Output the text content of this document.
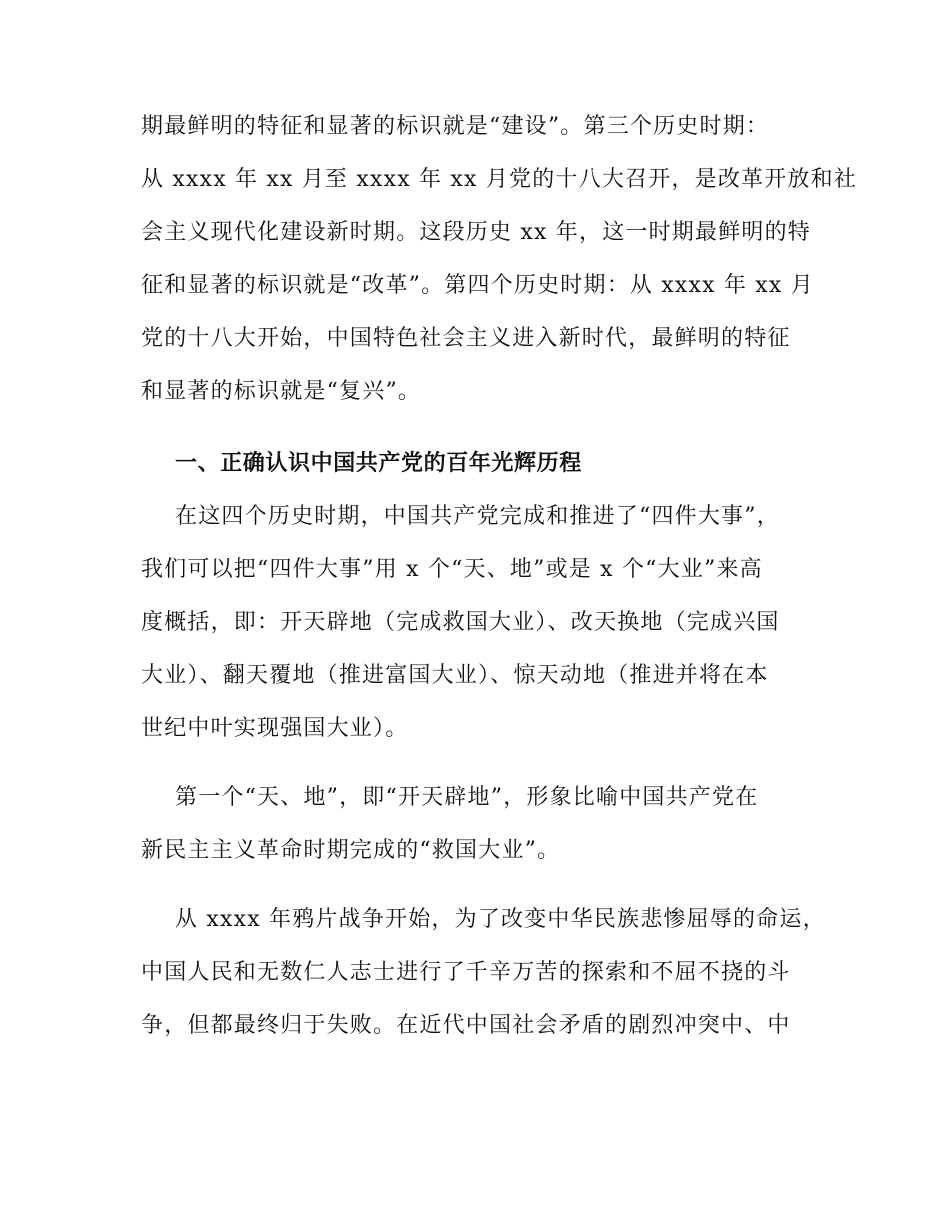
期最鲜明的特征和显著的标识就是“建设”。第三个历史时期：
从 xxxx 年 xx 月至 xxxx 年 xx 月党的十八大召开，是改革开放和社
会主义现代化建设新时期。这段历史 xx 年，这一时期最鲜明的特
征和显著的标识就是“改革”。第四个历史时期：从 xxxx 年 xx 月
党的十八大开始，中国特色社会主义进入新时代，最鲜明的特征
和显著的标识就是“复兴”。
一、正确认识中国共产党的百年光辉历程
在这四个历史时期，中国共产党完成和推进了“四件大事”，
我们可以把“四件大事”用 x 个“天、地”或是 x 个“大业”来高
度概括，即：开天辟地（完成救国大业）、改天换地（完成兴国
大业）、翻天覆地（推进富国大业）、惊天动地（推进并将在本
世纪中叶实现强国大业）。
第一个“天、地”，即“开天辟地”，形象比喻中国共产党在
新民主主义革命时期完成的“救国大业”。
从 xxxx 年鸦片战争开始，为了改变中华民族悲惨屈辱的命运，
中国人民和无数仁人志士进行了千辛万苦的探索和不屈不挠的斗
争，但都最终归于失败。在近代中国社会矛盾的剧烈冲突中、中
